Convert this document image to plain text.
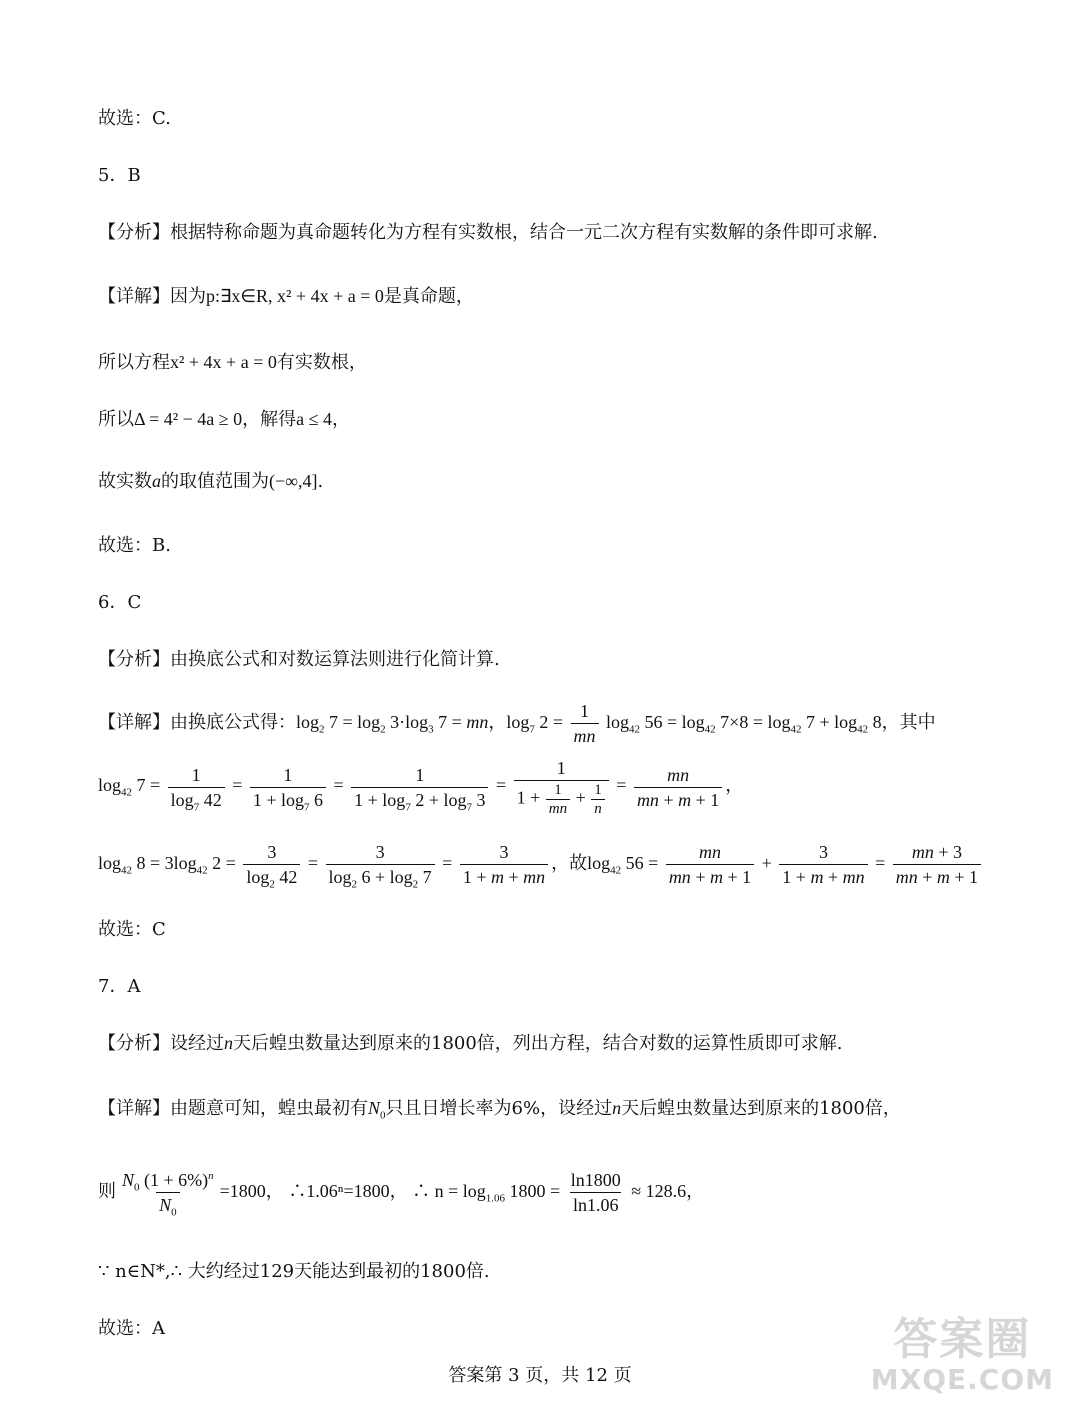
故选：C.
5．B
【分析】根据特称命题为真命题转化为方程有实数根，结合一元二次方程有实数解的条件即可求解.
【详解】因为p:∃x∈R, x² + 4x + a = 0是真命题，
所以方程x² + 4x + a = 0有实数根，
所以Δ = 4² − 4a ≥ 0，解得a ≤ 4，
故实数a的取值范围为(−∞,4].
故选：B.
6．C
【分析】由换底公式和对数运算法则进行化简计算.
【详解】由换底公式得：$\log_2 7 = \log_2 3\cdot\log_3$ 7 = mn，$\log_7 2 = \frac{1}{mn} \log_{42} 56 = \log_{42} 7\times 8 = \log_{42} 7 + \log_{42} 8$，其中
$\log_{42} 7 = \frac{1}{\log_7 42} = \frac{1}{1 + \log_7 6} = \frac{1}{1 + \log_7 2 + \log_7 3} = \frac{1}{1 + \frac{1}{mn} + \frac{1}{n}} = \frac{mn}{mn + m + 1}$ ，
$\log_{42} 8 = 3\log_{42}$ $2 = \frac{3}{\log_2 42} = \frac{3}{\log_2 6 + \log_2 7} = \frac{3}{1 + m + mn}$ ，故$\log_{42} 56 = \frac{mn}{mn + m + 1} + \frac{3}{1 + m + mn} = \frac{mn + 3}{mn + m + 1}$
故选：C
7．A
【分析】设经过n天后蝗虫数量达到原来的1800倍，列出方程，结合对数的运算性质即可求解.
【详解】由题意可知，蝗虫最初有$N_0$只且日增长率为6%，设经过n天后蝗虫数量达到原来的1800倍，
则 $\frac{N_0 (1 + 6\%)^n}{N_0} =1800$， ∴1.06ⁿ=1800， ∴ $n = \log_{1.06} 1800 = \frac{\ln 1800}{\ln 1.06} \approx 128.6$，
∵ n∈N*,∴ 大约经过129天能达到最初的1800倍.
故选：A
答案第 3 页，共 12 页
答案圈
MXQE.COM
